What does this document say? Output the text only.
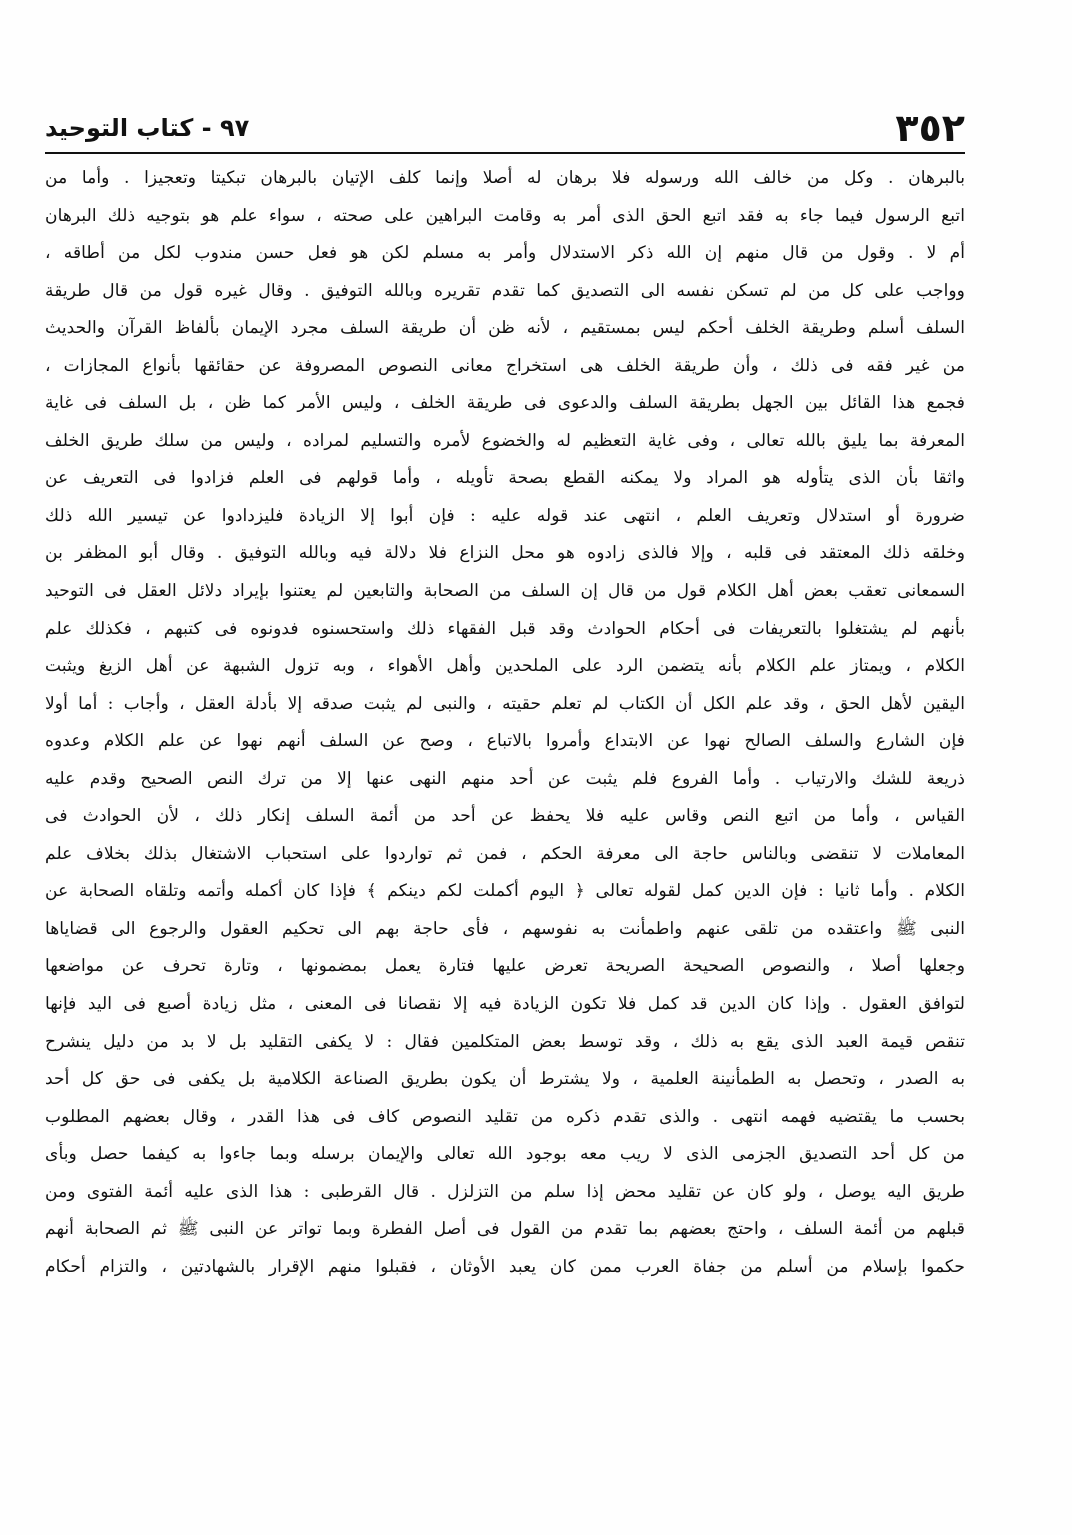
٣٥٢
٩٧ - كتاب التوحيد
بالبرهان . وكل من خالف الله ورسوله فلا برهان له أصلا وإنما كلف الإتيان بالبرهان تبكيتا وتعجيزا . وأما من
اتبع الرسول فيما جاء به فقد اتبع الحق الذى أمر به وقامت البراهين على صحته ، سواء علم هو بتوجيه ذلك البرهان
أم لا . وقول من قال منهم إن الله ذكر الاستدلال وأمر به مسلم لكن هو فعل حسن مندوب لكل من أطاقه ،
وواجب على كل من لم تسكن نفسه الى التصديق كما تقدم تقريره وبالله التوفيق . وقال غيره قول من قال طريقة
السلف أسلم وطريقة الخلف أحكم ليس بمستقيم ، لأنه ظن أن طريقة السلف مجرد الإيمان بألفاظ القرآن والحديث
من غير فقه فى ذلك ، وأن طريقة الخلف هى استخراج معانى النصوص المصروفة عن حقائقها بأنواع المجازات ،
فجمع هذا القائل بين الجهل بطريقة السلف والدعوى فى طريقة الخلف ، وليس الأمر كما ظن ، بل السلف فى غاية
المعرفة بما يليق بالله تعالى ، وفى غاية التعظيم له والخضوع لأمره والتسليم لمراده ، وليس من سلك طريق الخلف
واثقا بأن الذى يتأوله هو المراد ولا يمكنه القطع بصحة تأويله ، وأما قولهم فى العلم فزادوا فى التعريف عن
ضرورة أو استدلال وتعريف العلم ، انتهى عند قوله عليه : فإن أبوا إلا الزيادة فليزدادوا عن تيسير الله ذلك
وخلقه ذلك المعتقد فى قلبه ، وإلا فالذى زادوه هو محل النزاع فلا دلالة فيه وبالله التوفيق . وقال أبو المظفر بن
السمعانى تعقب بعض أهل الكلام قول من قال إن السلف من الصحابة والتابعين لم يعتنوا بإيراد دلائل العقل فى التوحيد
بأنهم لم يشتغلوا بالتعريفات فى أحكام الحوادث وقد قبل الفقهاء ذلك واستحسنوه فدونوه فى كتبهم ، فكذلك علم
الكلام ، ويمتاز علم الكلام بأنه يتضمن الرد على الملحدين وأهل الأهواء ، وبه تزول الشبهة عن أهل الزيغ ويثبت
اليقين لأهل الحق ، وقد علم الكل أن الكتاب لم تعلم حقيته ، والنبى لم يثبت صدقه إلا بأدلة العقل ، وأجاب : أما أولا
فإن الشارع والسلف الصالح نهوا عن الابتداع وأمروا بالاتباع ، وصح عن السلف أنهم نهوا عن علم الكلام وعدوه
ذريعة للشك والارتياب . وأما الفروع فلم يثبت عن أحد منهم النهى عنها إلا من ترك النص الصحيح وقدم عليه
القياس ، وأما من اتبع النص وقاس عليه فلا يحفظ عن أحد من أئمة السلف إنكار ذلك ، لأن الحوادث فى
المعاملات لا تنقضى وبالناس حاجة الى معرفة الحكم ، فمن ثم تواردوا على استحباب الاشتغال بذلك بخلاف علم
الكلام . وأما ثانيا : فإن الدين كمل لقوله تعالى ﴿ اليوم أكملت لكم دينكم ﴾ فإذا كان أكمله وأتمه وتلقاه الصحابة عن
النبى ﷺ واعتقده من تلقى عنهم واطمأنت به نفوسهم ، فأى حاجة بهم الى تحكيم العقول والرجوع الى قضاياها
وجعلها أصلا ، والنصوص الصحيحة الصريحة تعرض عليها فتارة يعمل بمضمونها ، وتارة تحرف عن مواضعها
لتوافق العقول . وإذا كان الدين قد كمل فلا تكون الزيادة فيه إلا نقصانا فى المعنى ، مثل زيادة أصبع فى اليد فإنها
تنقص قيمة العبد الذى يقع به ذلك ، وقد توسط بعض المتكلمين فقال : لا يكفى التقليد بل لا بد من دليل ينشرح
به الصدر ، وتحصل به الطمأنينة العلمية ، ولا يشترط أن يكون بطريق الصناعة الكلامية بل يكفى فى حق كل أحد
بحسب ما يقتضيه فهمه انتهى . والذى تقدم ذكره من تقليد النصوص كاف فى هذا القدر ، وقال بعضهم المطلوب
من كل أحد التصديق الجزمى الذى لا ريب معه بوجود الله تعالى والإيمان برسله وبما جاءوا به كيفما حصل وبأى
طريق اليه يوصل ، ولو كان عن تقليد محض إذا سلم من التزلزل . قال القرطبى : هذا الذى عليه أئمة الفتوى ومن
قبلهم من أئمة السلف ، واحتج بعضهم بما تقدم من القول فى أصل الفطرة وبما تواتر عن النبى ﷺ ثم الصحابة أنهم
حكموا بإسلام من أسلم من جفاة العرب ممن كان يعبد الأوثان ، فقبلوا منهم الإقرار بالشهادتين ، والتزام أحكام
